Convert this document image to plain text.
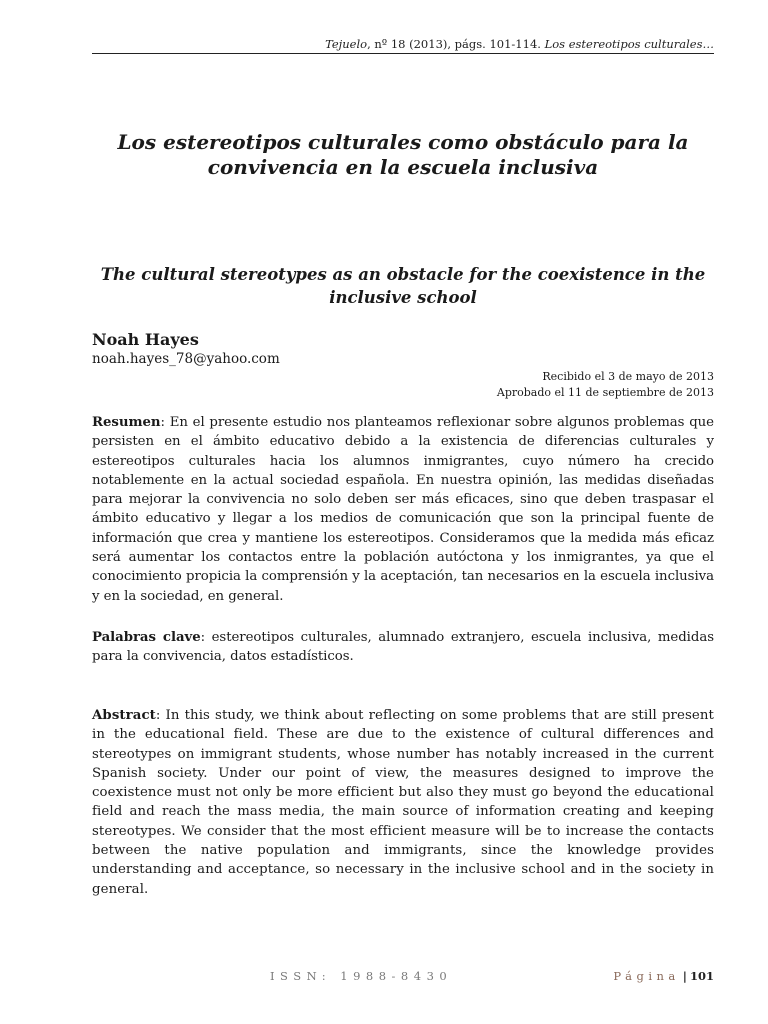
Tejuelo, nº 18 (2013), págs. 101-114. Los estereotipos culturales…
Los estereotipos culturales como obstáculo para la convivencia en la escuela inclusiva
The cultural stereotypes as an obstacle for the coexistence in the inclusive school
Noah Hayes
noah.hayes_78@yahoo.com
Recibido el 3 de mayo de 2013
Aprobado el 11 de septiembre de 2013
Resumen: En el presente estudio nos planteamos reflexionar sobre algunos problemas que persisten en el ámbito educativo debido a la existencia de diferencias culturales y estereotipos culturales hacia los alumnos inmigrantes, cuyo número ha crecido notablemente en la actual sociedad española. En nuestra opinión, las medidas diseñadas para mejorar la convivencia no solo deben ser más eficaces, sino que deben traspasar el ámbito educativo y llegar a los medios de comunicación que son la principal fuente de información que crea y mantiene los estereotipos. Consideramos que la medida más eficaz será aumentar los contactos entre la población autóctona y los inmigrantes, ya que el conocimiento propicia la comprensión y la aceptación, tan necesarios en la escuela inclusiva y en la sociedad, en general.
Palabras clave: estereotipos culturales, alumnado extranjero, escuela inclusiva, medidas para la convivencia, datos estadísticos.
Abstract: In this study, we think about reflecting on some problems that are still present in the educational field. These are due to the existence of cultural differences and stereotypes on immigrant students, whose number has notably increased in the current Spanish society. Under our point of view, the measures designed to improve the coexistence must not only be more efficient but also they must go beyond the educational field and reach the mass media, the main source of information creating and keeping stereotypes. We consider that the most efficient measure will be to increase the contacts between the native population and immigrants, since the knowledge provides understanding and acceptance, so necessary in the inclusive school and in the society in general.
ISSN: 1988-8430	Página | 101
